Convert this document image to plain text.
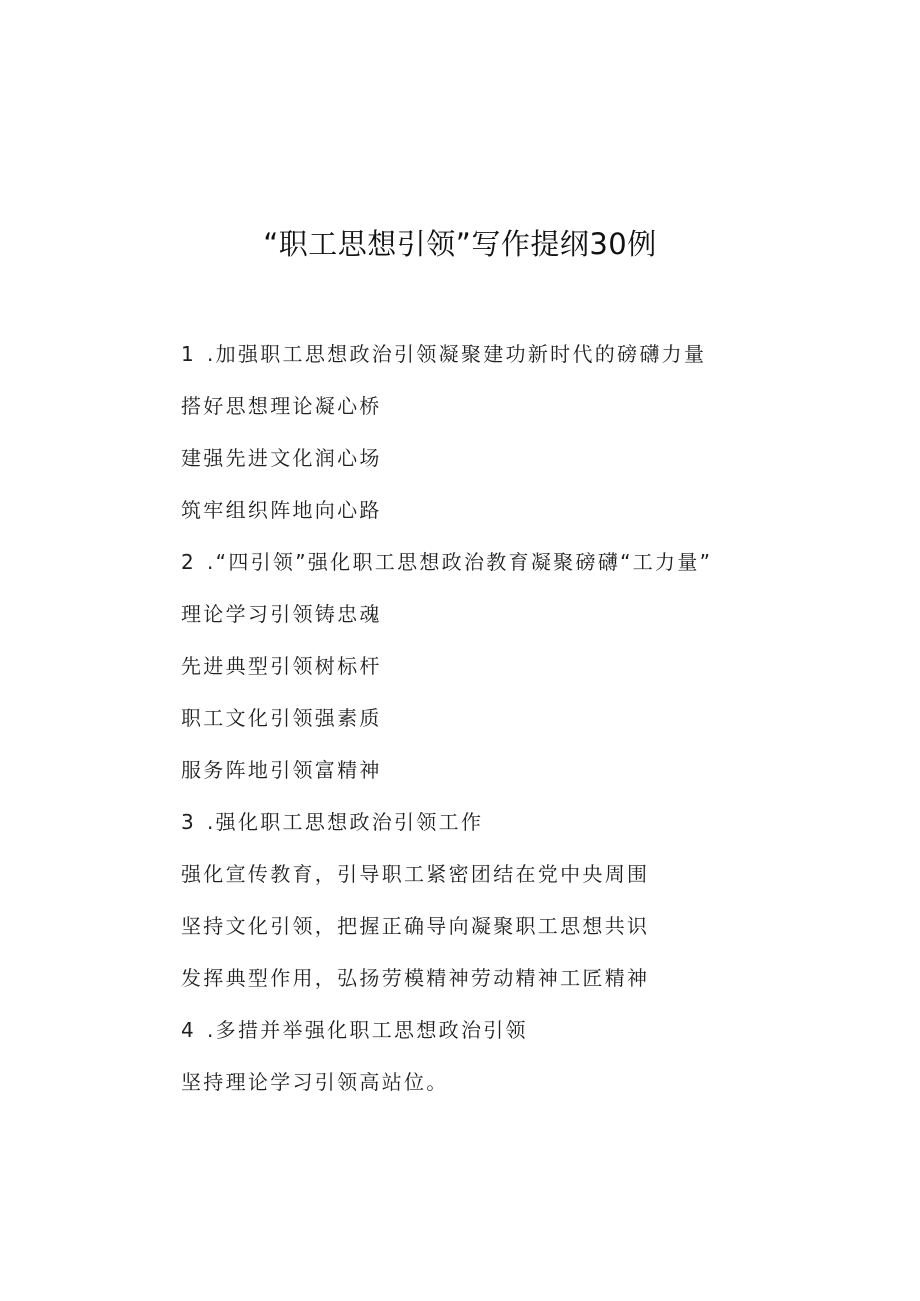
“职工思想引领”写作提纲30例
1 .加强职工思想政治引领凝聚建功新时代的磅礴力量
搭好思想理论凝心桥
建强先进文化润心场
筑牢组织阵地向心路
2 .“四引领”强化职工思想政治教育凝聚磅礴“工力量”
理论学习引领铸忠魂
先进典型引领树标杆
职工文化引领强素质
服务阵地引领富精神
3 .强化职工思想政治引领工作
强化宣传教育，引导职工紧密团结在党中央周围
坚持文化引领，把握正确导向凝聚职工思想共识
发挥典型作用，弘扬劳模精神劳动精神工匠精神
4 .多措并举强化职工思想政治引领
坚持理论学习引领高站位。
